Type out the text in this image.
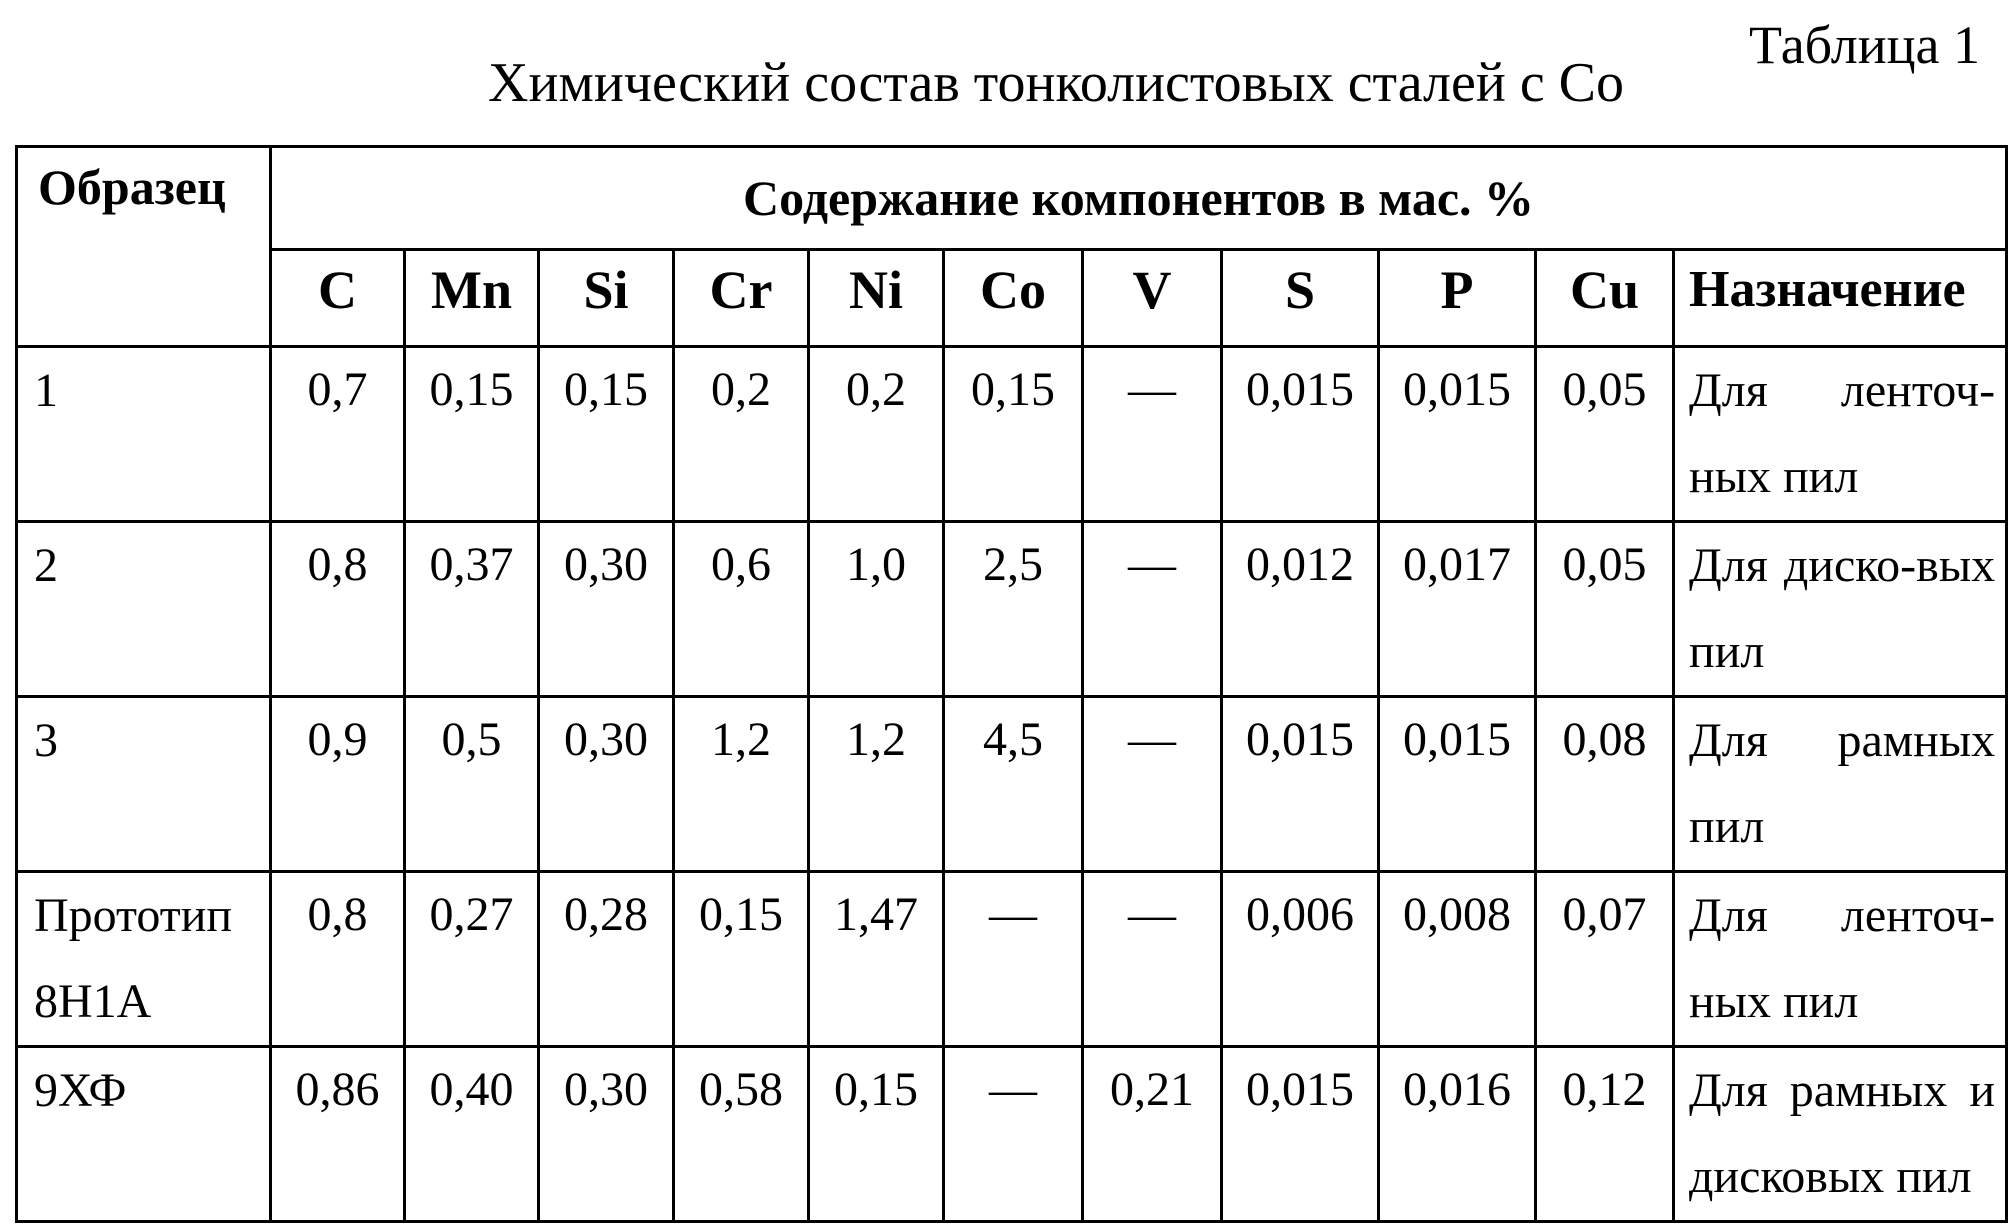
Таблица 1
Химический состав тонколистовых сталей с Со
Образец	Содержание компонентов в мас. %										
	C	Mn	Si	Cr	Ni	Co	V	S	P	Cu	Назначение

1	0,7	0,15	0,15	0,2	0,2	0,15	—	0,015	0,015	0,05	Для ленточ-ных пил

2	0,8	0,37	0,30	0,6	1,0	2,5	—	0,012	0,017	0,05	Для диско-вых пил

3	0,9	0,5	0,30	1,2	1,2	4,5	—	0,015	0,015	0,08	Для рамных пил

Прототип
8Н1А	0,8	0,27	0,28	0,15	1,47	—	—	0,006	0,008	0,07	Для ленточ-ных пил

9ХФ	0,86	0,40	0,30	0,58	0,15	—	0,21	0,015	0,016	0,12	Для рамных и дисковых пил
